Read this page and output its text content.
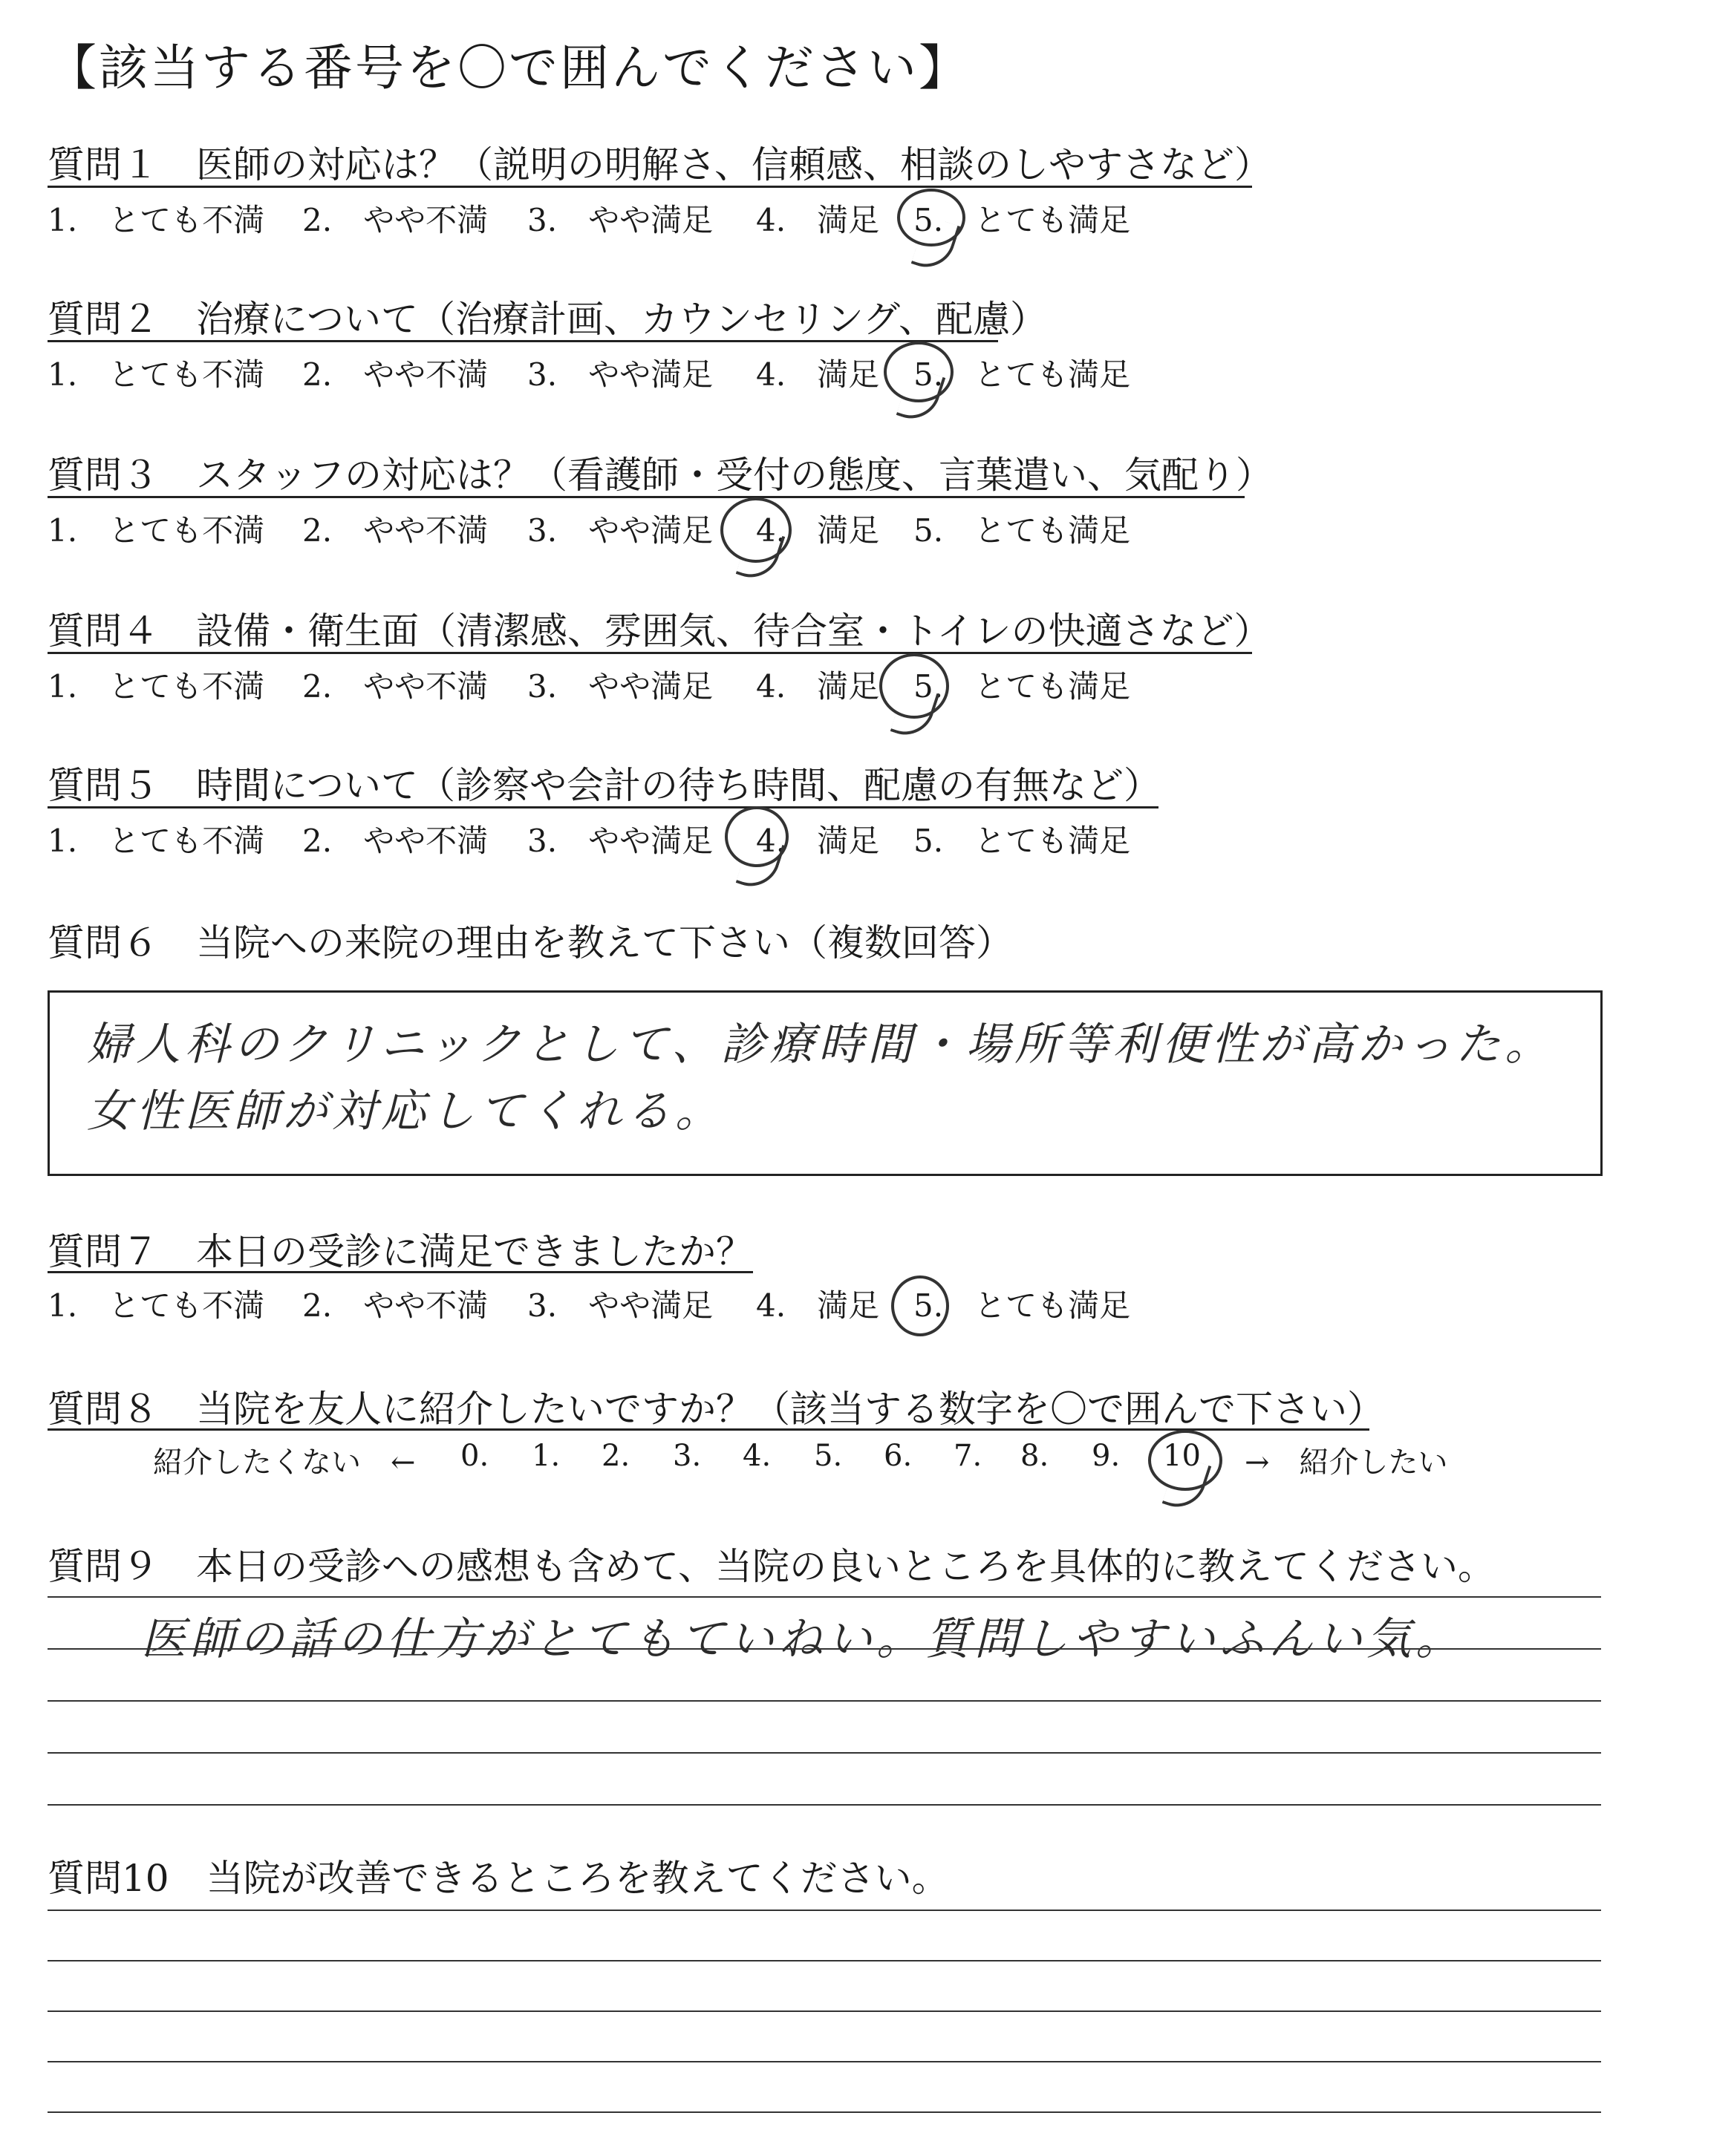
【該当する番号を〇で囲んでください】
質問１　医師の対応は？（説明の明解さ、信頼感、相談のしやすさなど）
1.　とても不満 2.　やや不満 3.　やや満足 4.　満足 5.　とても満足
質問２　治療について（治療計画、カウンセリング、配慮）
1.　とても不満 2.　やや不満 3.　やや満足 4.　満足 5.　とても満足
質問３　スタッフの対応は？（看護師・受付の態度、言葉遣い、気配り）
1.　とても不満 2.　やや不満 3.　やや満足 4.　満足 5.　とても満足
質問４　設備・衛生面（清潔感、雰囲気、待合室・トイレの快適さなど）
1.　とても不満 2.　やや不満 3.　やや満足 4.　満足 5.　とても満足
質問５　時間について（診察や会計の待ち時間、配慮の有無など）
1.　とても不満 2.　やや不満 3.　やや満足 4.　満足 5.　とても満足
質問６　当院への来院の理由を教えて下さい（複数回答）
婦人科のクリニックとして、診療時間・場所等利便性が高かった。
女性医師が対応してくれる。
質問７　本日の受診に満足できましたか？
1.　とても不満 2.　やや不満 3.　やや満足 4.　満足 5.　とても満足
質問８　当院を友人に紹介したいですか？（該当する数字を〇で囲んで下さい）
紹介したくない　← 0. 1. 2. 3. 4. 5. 6. 7. 8. 9. 10 →　紹介したい
質問９　本日の受診への感想も含めて、当院の良いところを具体的に教えてください。
医師の話の仕方がとてもていねい。質問しやすいふんい気。
質問10　当院が改善できるところを教えてください。
